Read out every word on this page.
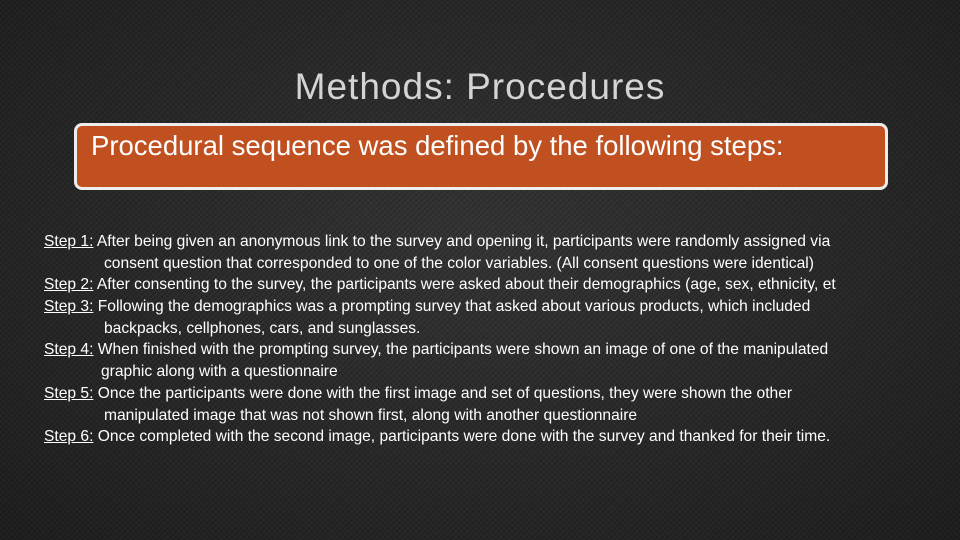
Methods: Procedures
Procedural sequence was defined by the following steps:
Step 1: After being given an anonymous link to the survey and opening it, participants were randomly assigned via
consent question that corresponded to one of the color variables. (All consent questions were identical)
Step 2: After consenting to the survey, the participants were asked about their demographics (age, sex, ethnicity, et
Step 3: Following the demographics was a prompting survey that asked about various products, which included
backpacks, cellphones, cars, and sunglasses.
Step 4: When finished with the prompting survey, the participants were shown an image of one of the manipulated
graphic along with a questionnaire
Step 5: Once the participants were done with the first image and set of questions, they were shown the other
manipulated image that was not shown first, along with another questionnaire
Step 6: Once completed with the second image, participants were done with the survey and thanked for their time.
